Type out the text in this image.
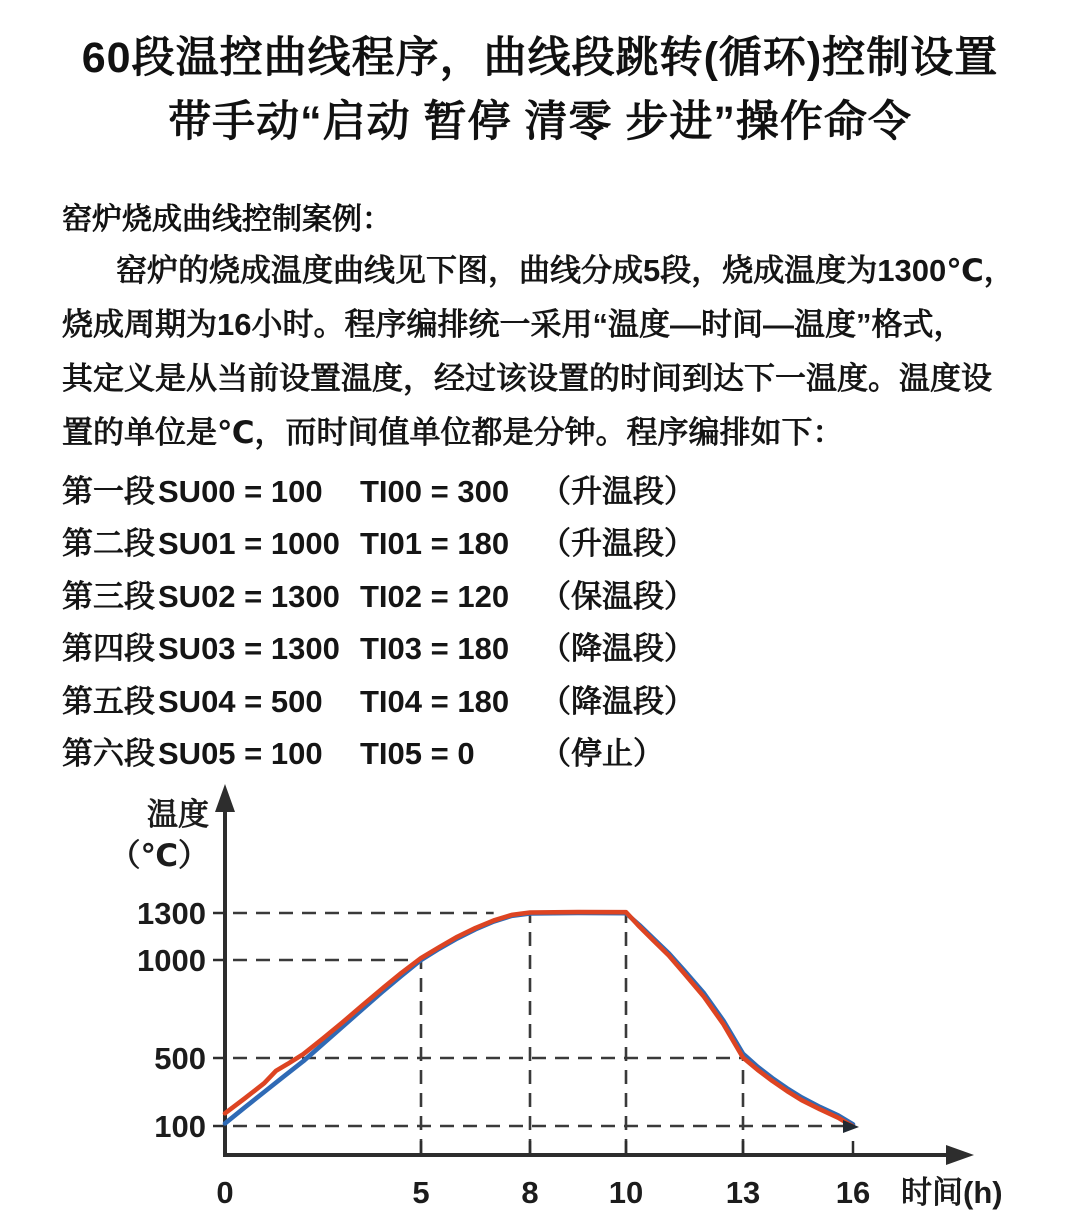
60段温控曲线程序，曲线段跳转(循环)控制设置
带手动“启动 暂停 清零 步进”操作命令
窑炉烧成曲线控制案例：
窑炉的烧成温度曲线见下图，曲线分成5段，烧成温度为1300℃，
烧成周期为16小时。程序编排统一采用“温度—时间—温度”格式，
其定义是从当前设置温度，经过该设置的时间到达下一温度。温度设
置的单位是℃，而时间值单位都是分钟。程序编排如下：
第一段 SU00 = 100	TI00 = 300 （升温段）
第二段 SU01 = 1000 TI01 = 180 （升温段）
第三段 SU02 = 1300 TI02 = 120 （保温段）
第四段 SU03 = 1300 TI03 = 180 （降温段）
第五段 SU04 = 500	TI04 = 180 （降温段）
第六段 SU05 = 100	TI05 = 0	（停止）
100
500
1000
1300
0	5	8 10	13 16
温度
（℃）
时间(h)
